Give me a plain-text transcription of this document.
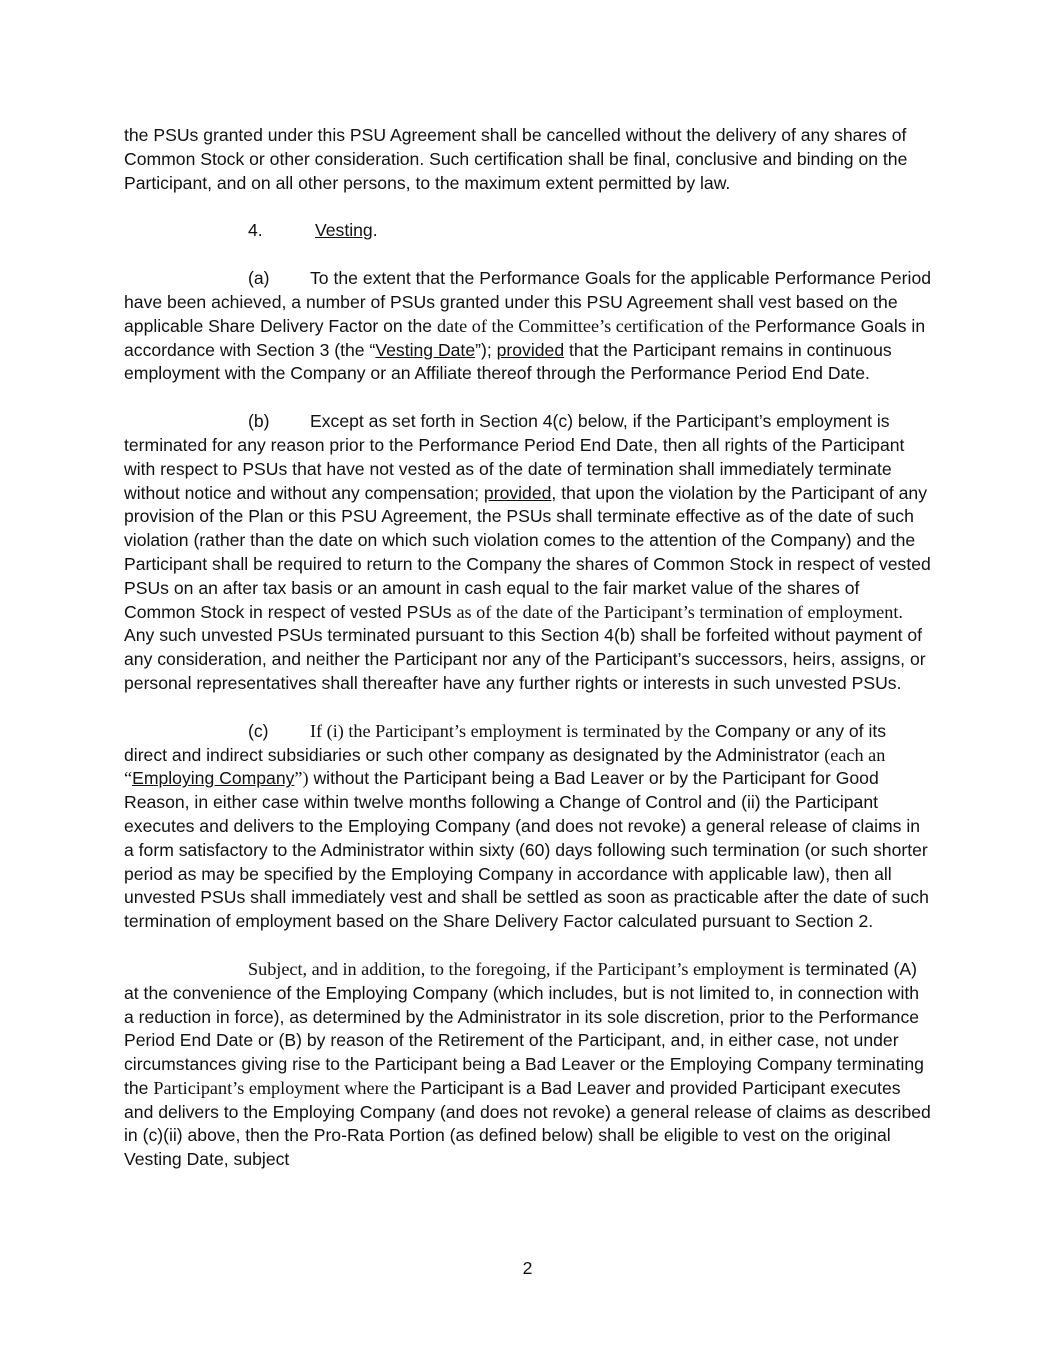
the PSUs granted under this PSU Agreement shall be cancelled without the delivery of any shares of Common Stock or other consideration. Such certification shall be final, conclusive and binding on the Participant, and on all other persons, to the maximum extent permitted by law.

4.	Vesting.

(a) To the extent that the Performance Goals for the applicable Performance Period have been achieved, a number of PSUs granted under this PSU Agreement shall vest based on the applicable Share Delivery Factor on the date of the Committee’s certification of the Performance Goals in accordance with Section 3 (the “Vesting Date”); provided that the Participant remains in continuous employment with the Company or an Affiliate thereof through the Performance Period End Date.

(b) Except as set forth in Section 4(c) below, if the Participant’s employment is terminated for any reason prior to the Performance Period End Date, then all rights of the Participant with respect to PSUs that have not vested as of the date of termination shall immediately terminate without notice and without any compensation; provided, that upon the violation by the Participant of any provision of the Plan or this PSU Agreement, the PSUs shall terminate effective as of the date of such violation (rather than the date on which such violation comes to the attention of the Company) and the Participant shall be required to return to the Company the shares of Common Stock in respect of vested PSUs on an after tax basis or an amount in cash equal to the fair market value of the shares of Common Stock in respect of vested PSUs as of the date of the Participant’s termination of employment. Any such unvested PSUs terminated pursuant to this Section 4(b) shall be forfeited without payment of any consideration, and neither the Participant nor any of the Participant’s successors, heirs, assigns, or personal representatives shall thereafter have any further rights or interests in such unvested PSUs.

(c) If (i) the Participant’s employment is terminated by the Company or any of its direct and indirect subsidiaries or such other company as designated by the Administrator (each an “Employing Company”) without the Participant being a Bad Leaver or by the Participant for Good Reason, in either case within twelve months following a Change of Control and (ii) the Participant executes and delivers to the Employing Company (and does not revoke) a general release of claims in a form satisfactory to the Administrator within sixty (60) days following such termination (or such shorter period as may be specified by the Employing Company in accordance with applicable law), then all unvested PSUs shall immediately vest and shall be settled as soon as practicable after the date of such termination of employment based on the Share Delivery Factor calculated pursuant to Section 2.

Subject, and in addition, to the foregoing, if the Participant’s employment is terminated (A) at the convenience of the Employing Company (which includes, but is not limited to, in connection with a reduction in force), as determined by the Administrator in its sole discretion, prior to the Performance Period End Date or (B) by reason of the Retirement of the Participant, and, in either case, not under circumstances giving rise to the Participant being a Bad Leaver or the Employing Company terminating the Participant’s employment where the Participant is a Bad Leaver and provided Participant executes and delivers to the Employing Company (and does not revoke) a general release of claims as described in (c)(ii) above, then the Pro-Rata Portion (as defined below) shall be eligible to vest on the original Vesting Date, subject

2
